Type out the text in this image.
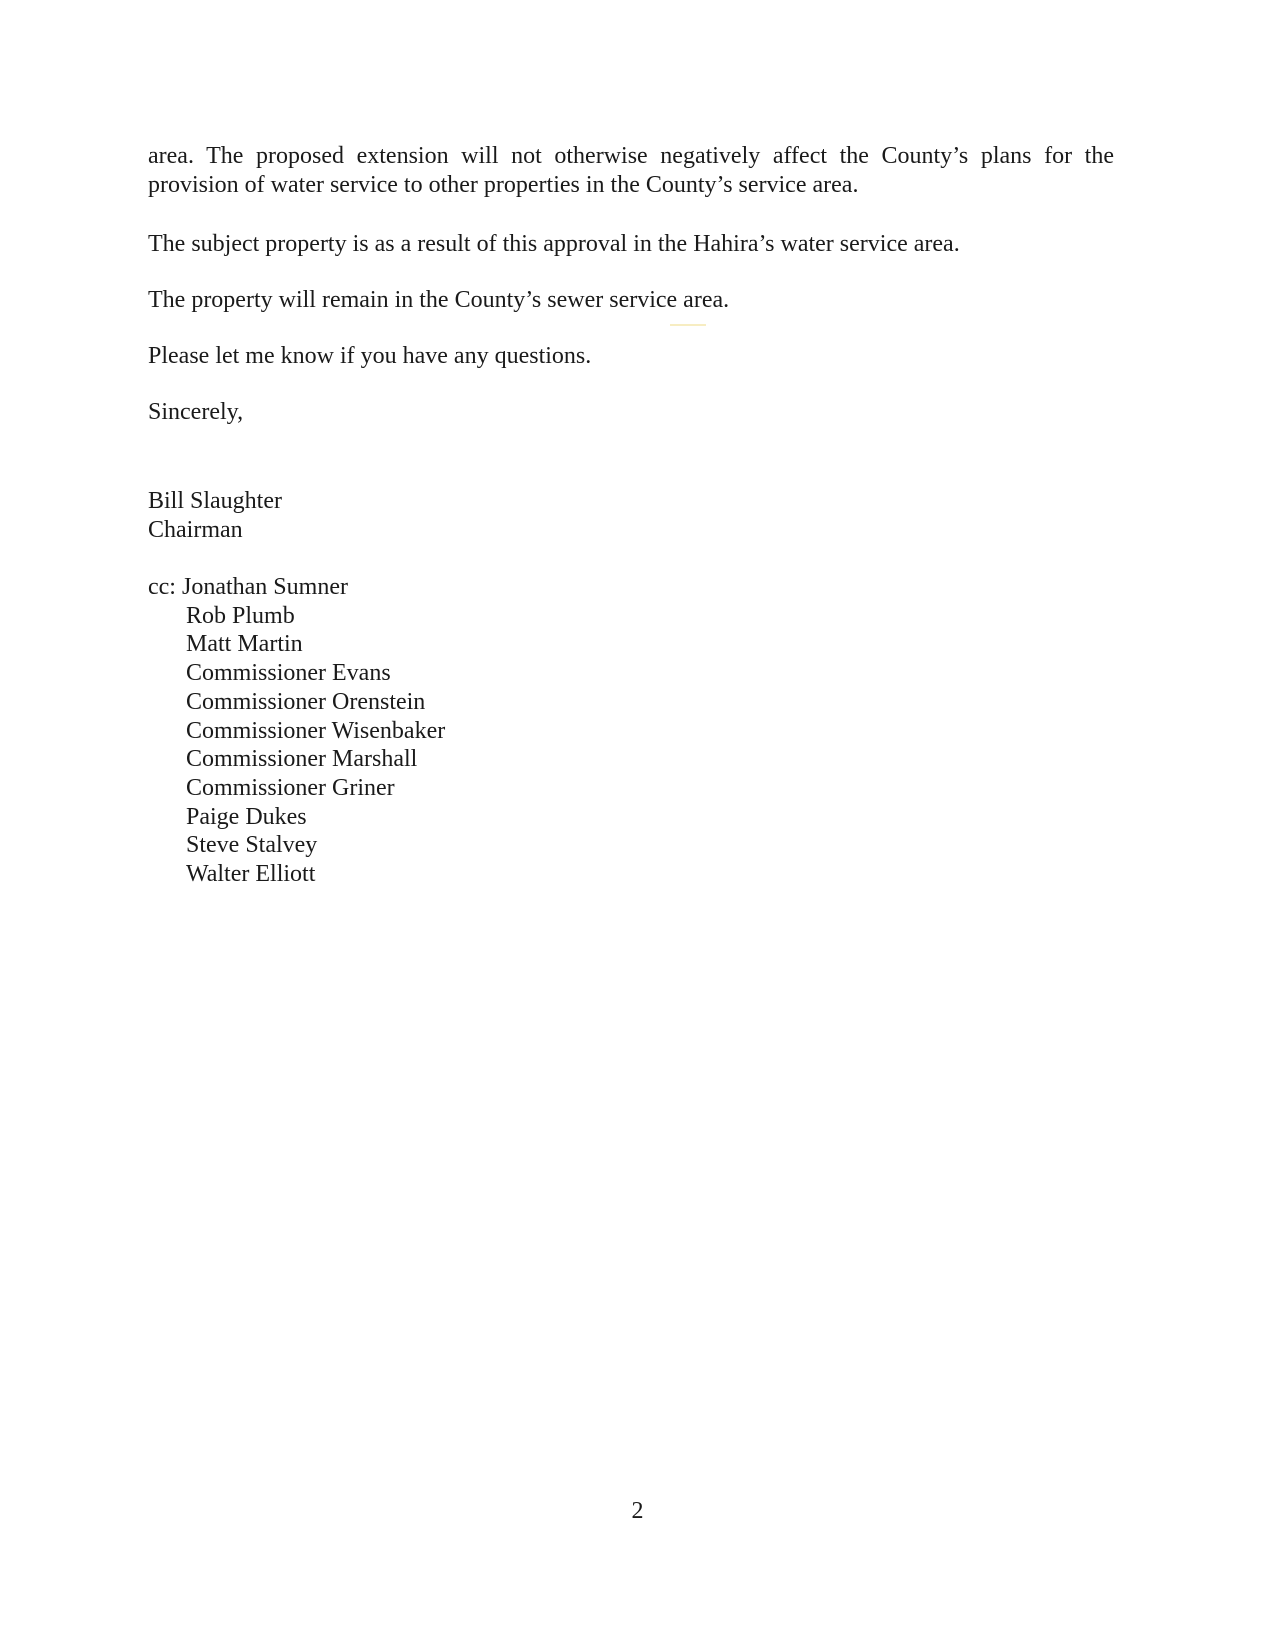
area. The proposed extension will not otherwise negatively affect the County’s plans for the
provision of water service to other properties in the County’s service area.

The subject property is as a result of this approval in the Hahira’s water service area.

The property will remain in the County’s sewer service area.

Please let me know if you have any questions.

Sincerely,

Bill Slaughter
Chairman
cc: Jonathan Sumner
Rob Plumb
Matt Martin
Commissioner Evans
Commissioner Orenstein
Commissioner Wisenbaker
Commissioner Marshall
Commissioner Griner
Paige Dukes
Steve Stalvey
Walter Elliott
2
